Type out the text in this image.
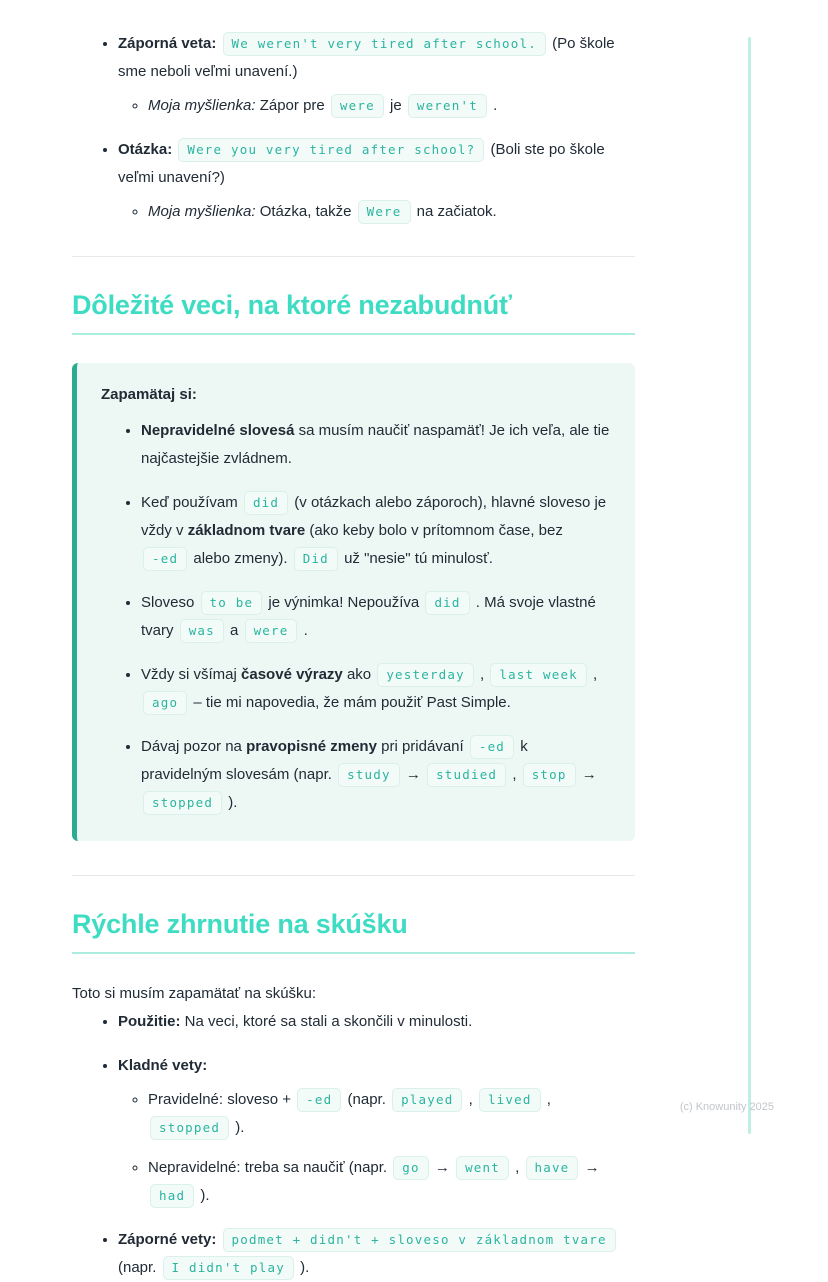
• Záporná veta: We weren't very tired after school. (Po škole sme neboli veľmi unavení.)
◦ Moja myšlienka: Zápor pre were je weren't .
• Otázka: Were you very tired after school? (Boli ste po škole veľmi unavení?)
◦ Moja myšlienka: Otázka, takže Were na začiatok.
Dôležité veci, na ktoré nezabudnúť
Zapamätaj si:
• Nepravidelné slovesá sa musím naučiť naspamäť! Je ich veľa, ale tie najčastejšie zvládnem.
• Keď používam did (v otázkach alebo záporoch), hlavné sloveso je vždy v základnom tvare (ako keby bolo v prítomnom čase, bez -ed alebo zmeny). Did už "nesie" tú minulosť.
• Sloveso to be je výnimka! Nepoužíva did . Má svoje vlastné tvary was a were .
• Vždy si všímaj časové výrazy ako yesterday , last week , ago – tie mi napovedia, že mám použiť Past Simple.
• Dávaj pozor na pravopisné zmeny pri pridávaní -ed k pravidelným slovesám (napr. study → studied , stop → stopped ).
Rýchle zhrnutie na skúšku

Toto si musím zapamätať na skúšku:

• Použitie: Na veci, ktoré sa stali a skončili v minulosti.
• Kladné vety:
◦ Pravidelné: sloveso + -ed (napr. played , lived , stopped ).
◦ Nepravidelné: treba sa naučiť (napr. go → went , have → had ).
• Záporné vety: podmet + didn't + sloveso v základnom tvare (napr. I didn't play ).
(c) Knowunity 2025
